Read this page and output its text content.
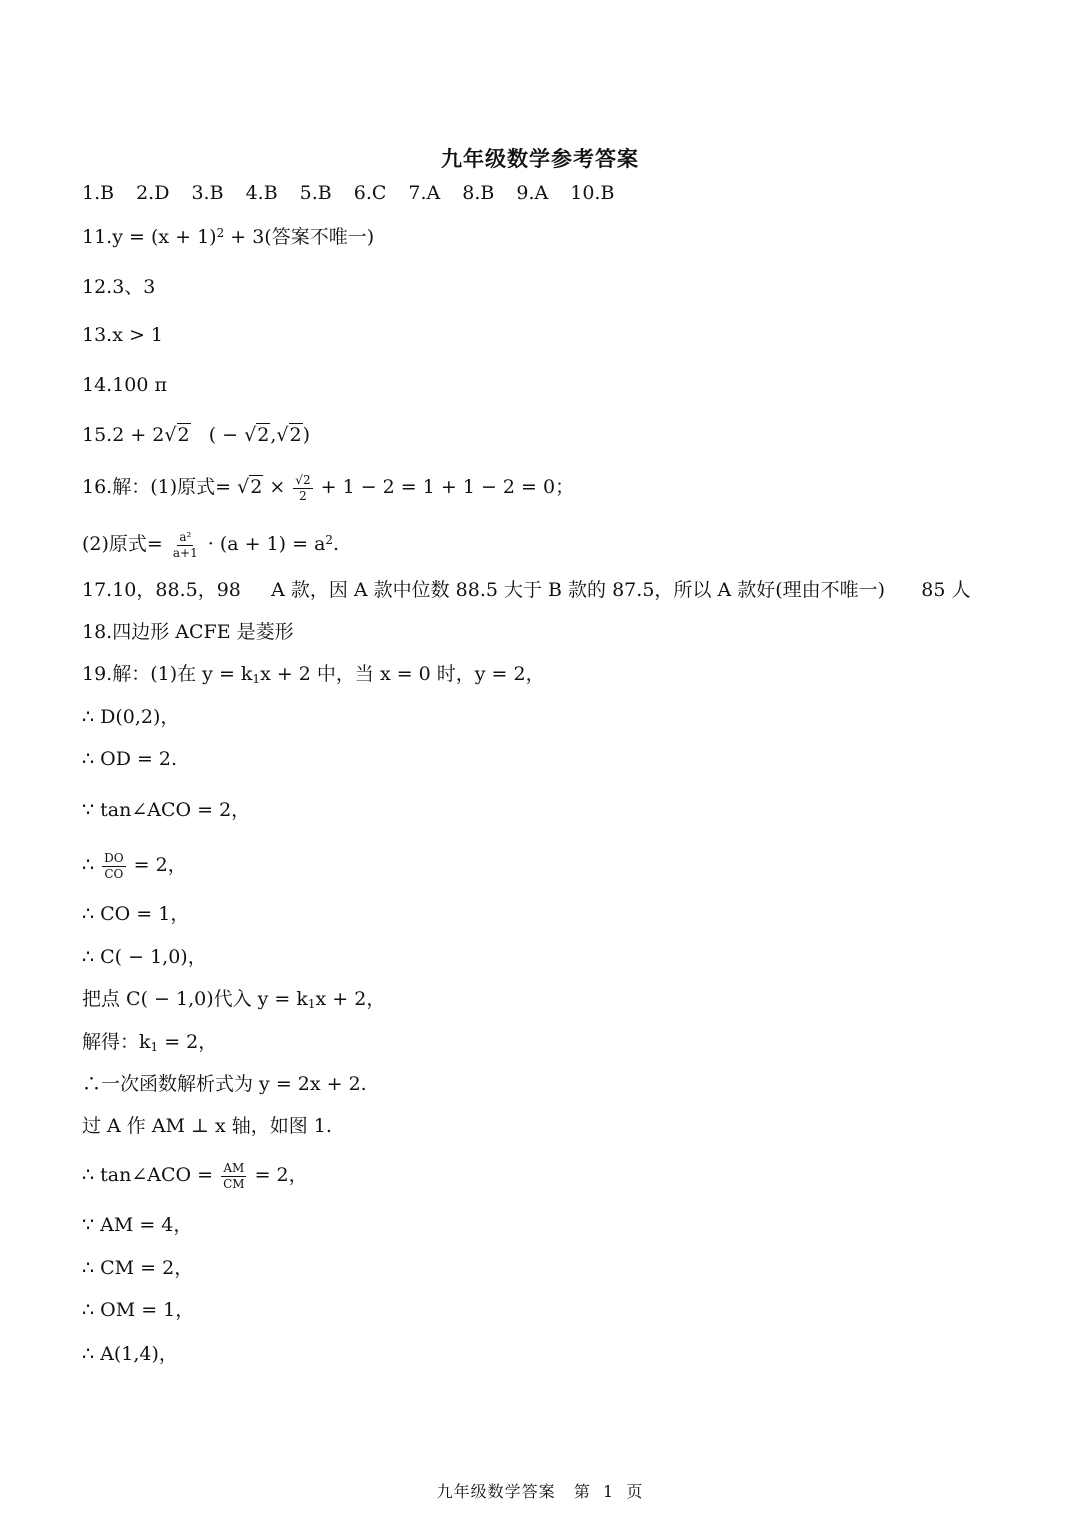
九年级数学参考答案
1.B 2.D 3.B 4.B 5.B 6.C 7.A 8.B 9.A 10.B
$11.y = (x + 1)^2 + 3$(答案不唯一)
12.3、3
13.x > 1
14.100 π
15.2 + 2√2   ( − √2,√2)
16.解：(1)原式= $√2 \times \frac{√2}{2} + 1 - 2 = 1 + 1 - 2 = 0$；
(2)原式= $\frac{\text{a²}}{a+1} \cdot (a + 1) = a^2$.
17.10，88.5，98     A 款，因 A 款中位数 88.5 大于 B 款的 87.5，所以 A 款好(理由不唯一)      85 人
18.四边形 ACFE 是菱形
19.解：(1)在 $y = k_1x + 2$ 中，当 x = 0 时，y = 2，
∴ D(0,2)，
∴ OD = 2.
∵ tan∠ACO = 2，
∴ $\frac{DO}{CO} = 2$，
∴ CO = 1，
∴ C( − 1,0)，
把点 C( − 1,0)代入 $y = k_1x + 2$，
解得：$k_1 = 2$，
∴一次函数解析式为 y = 2x + 2.
过 A 作 AM ⊥ x 轴，如图 1.
∴ tan∠ACO = $\frac{AM}{CM} = 2$，
∵ AM = 4，
∴ CM = 2，
∴ OM = 1，
∴ A(1,4)，
九年级数学答案   第  1  页
